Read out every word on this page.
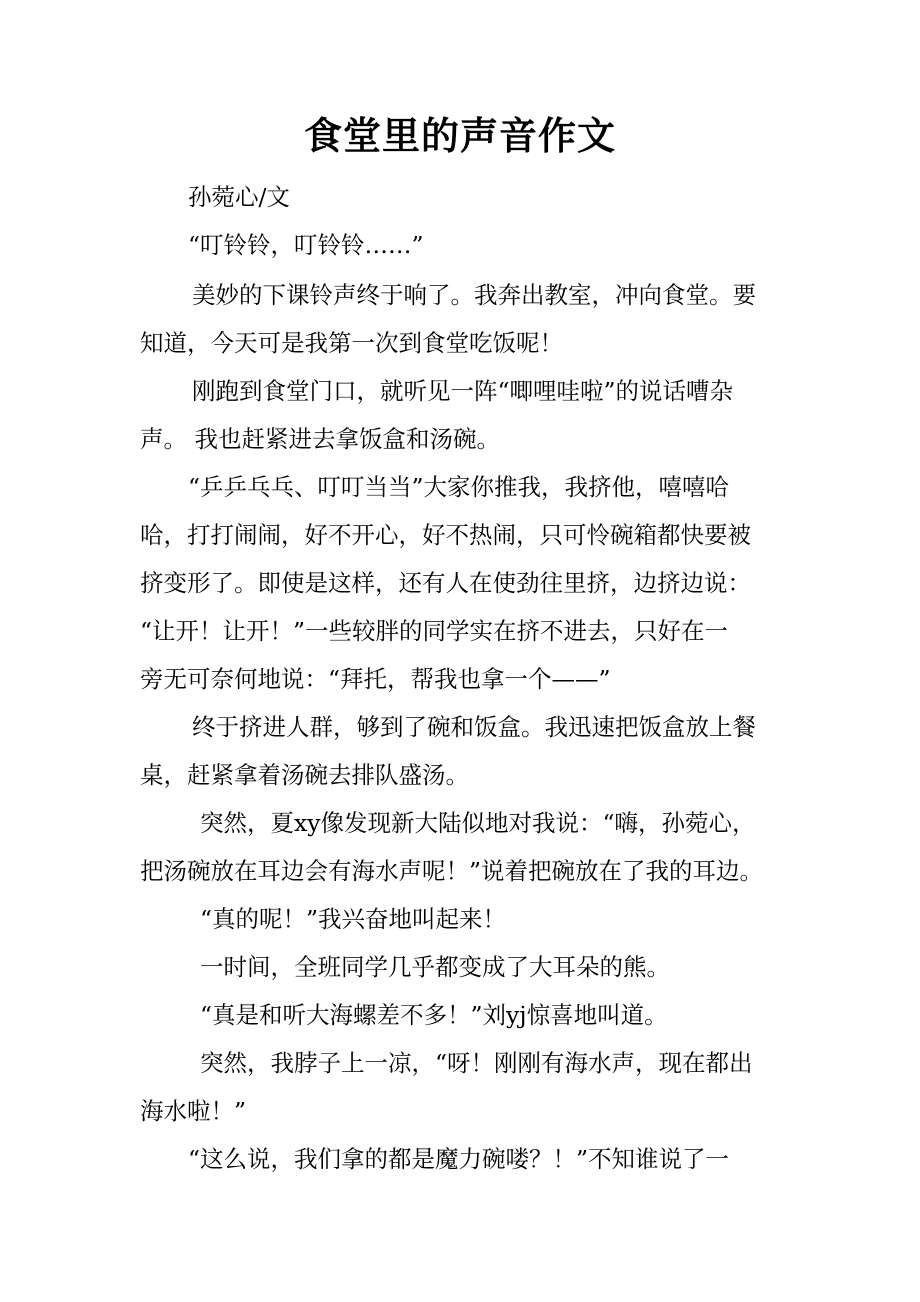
食堂里的声音作文
孙菀心/文
“叮铃铃，叮铃铃……”
美妙的下课铃声终于响了。我奔出教室，冲向食堂。要
知道，今天可是我第一次到食堂吃饭呢！
刚跑到食堂门口，就听见一阵“唧哩哇啦”的说话嘈杂
声。 我也赶紧进去拿饭盒和汤碗。
“乒乒乓乓、叮叮当当”大家你推我，我挤他，嘻嘻哈
哈，打打闹闹，好不开心，好不热闹，只可怜碗箱都快要被
挤变形了。即使是这样，还有人在使劲往里挤，边挤边说：
“让开！让开！”一些较胖的同学实在挤不进去，只好在一
旁无可奈何地说：“拜托，帮我也拿一个——”
终于挤进人群，够到了碗和饭盒。我迅速把饭盒放上餐
桌，赶紧拿着汤碗去排队盛汤。
突然，夏xy像发现新大陆似地对我说：“嗨，孙菀心，
把汤碗放在耳边会有海水声呢！”说着把碗放在了我的耳边。
“真的呢！”我兴奋地叫起来！
一时间，全班同学几乎都变成了大耳朵的熊。
“真是和听大海螺差不多！”刘yj惊喜地叫道。
突然，我脖子上一凉，“呀！刚刚有海水声，现在都出
海水啦！”
“这么说，我们拿的都是魔力碗喽？！”不知谁说了一
